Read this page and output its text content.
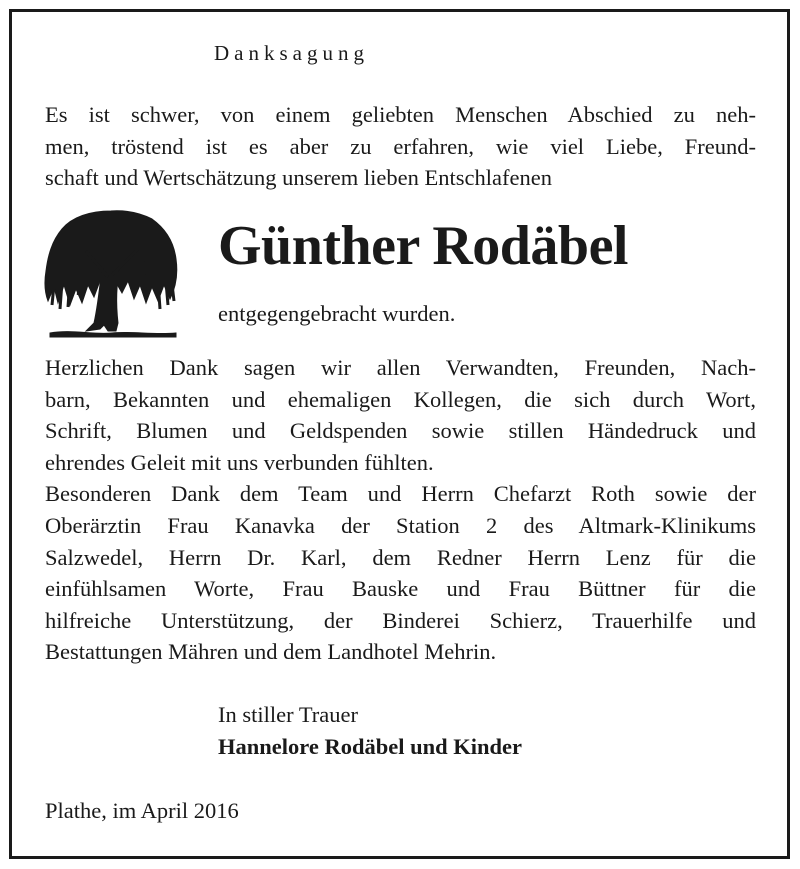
Danksagung
Es ist schwer, von einem geliebten Menschen Abschied zu neh-
men, tröstend ist es aber zu erfahren, wie viel Liebe, Freund-
schaft und Wertschätzung unserem lieben Entschlafenen
Günther Rodäbel
entgegengebracht wurden.
Herzlichen Dank sagen wir allen Verwandten, Freunden, Nach-
barn, Bekannten und ehemaligen Kollegen, die sich durch Wort,
Schrift, Blumen und Geldspenden sowie stillen Händedruck und
ehrendes Geleit mit uns verbunden fühlten.
Besonderen Dank dem Team und Herrn Chefarzt Roth sowie der
Oberärztin Frau Kanavka der Station 2 des Altmark-Klinikums
Salzwedel, Herrn Dr. Karl, dem Redner Herrn Lenz für die
einfühlsamen Worte, Frau Bauske und Frau Büttner für die
hilfreiche Unterstützung, der Binderei Schierz, Trauerhilfe und
Bestattungen Mähren und dem Landhotel Mehrin.
In stiller Trauer
Hannelore Rodäbel und Kinder
Plathe, im April 2016
